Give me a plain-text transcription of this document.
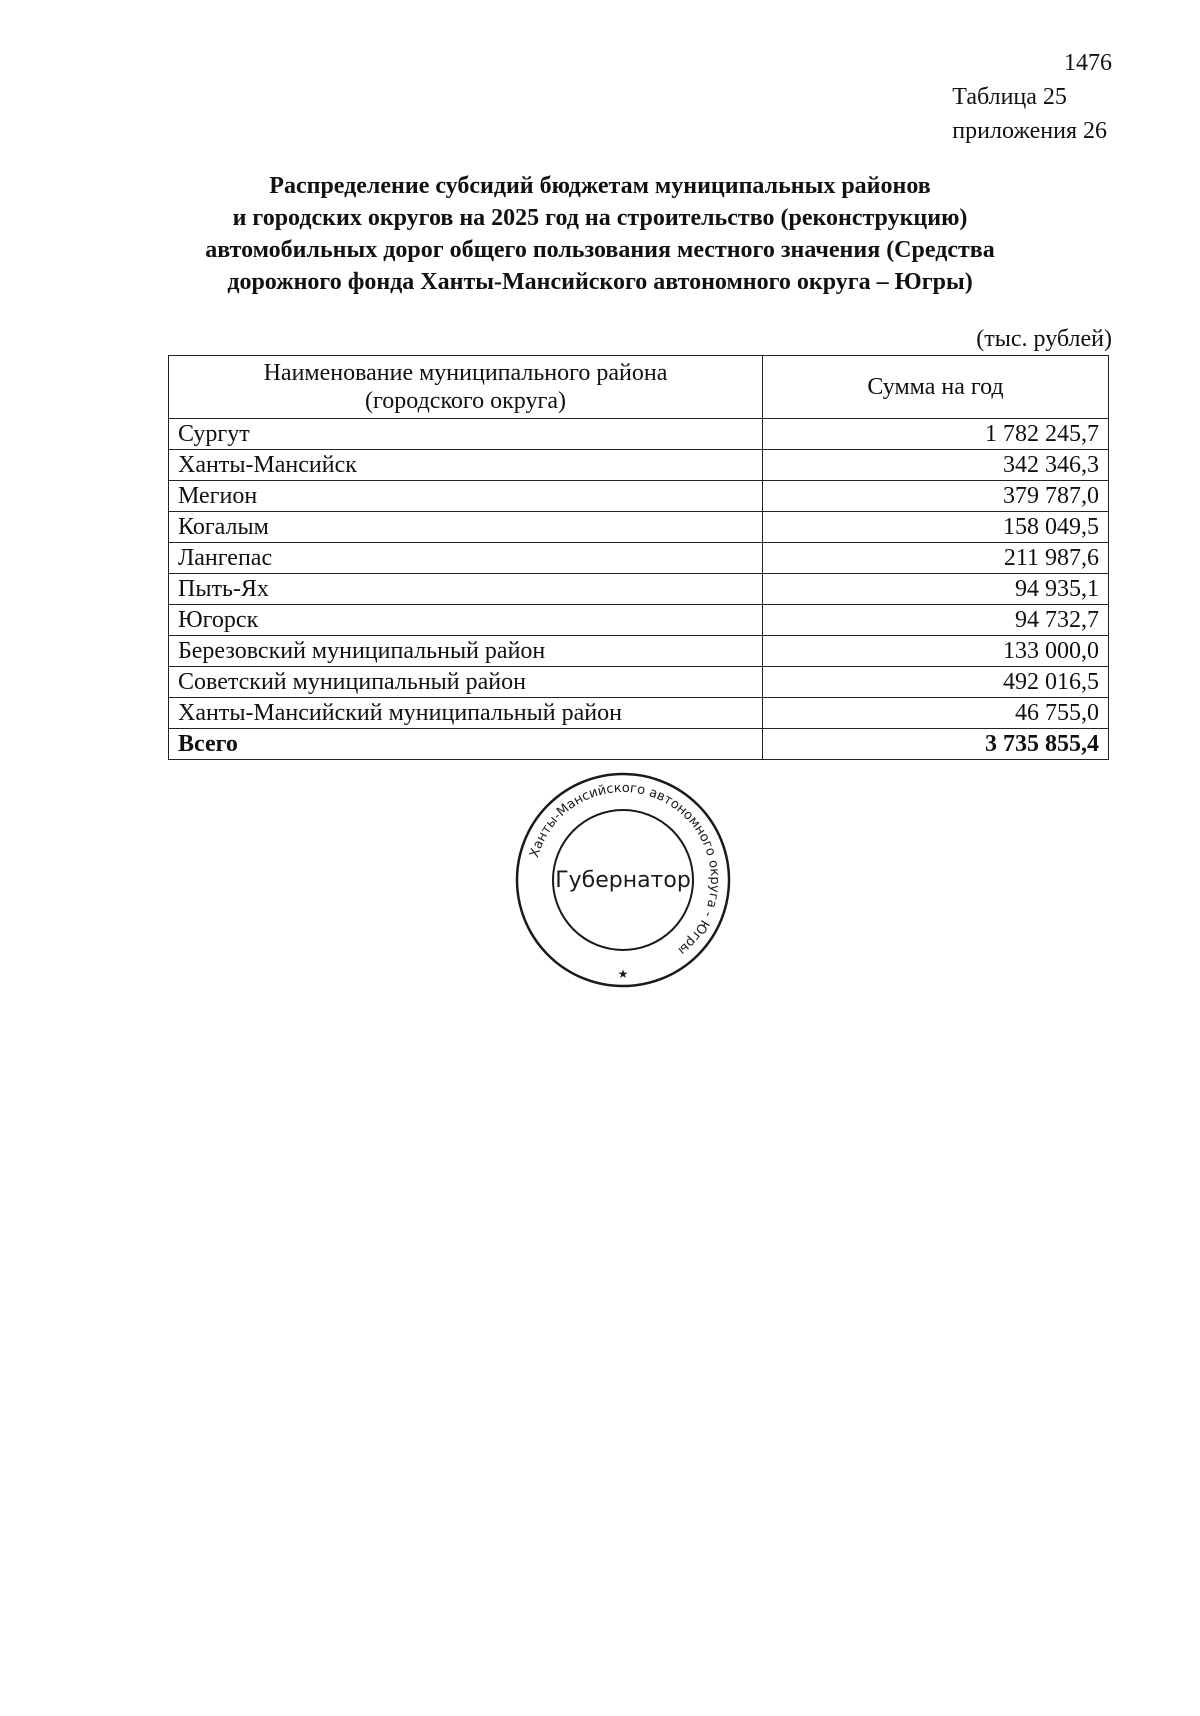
1476
Таблица 25
приложения 26
Распределение субсидий бюджетам муниципальных районов
и городских округов на 2025 год на строительство (реконструкцию)
автомобильных дорог общего пользования местного значения (Средства
дорожного фонда Ханты-Мансийского автономного округа – Югры)
(тыс. рублей)
Наименование муниципального района
(городского округа)	Сумма на год
Сургут	1 782 245,7
Ханты-Мансийск	342 346,3
Мегион	379 787,0
Когалым	158 049,5
Лангепас	211 987,6
Пыть-Ях	94 935,1
Югорск	94 732,7
Березовский муниципальный район	133 000,0
Советский муниципальный район	492 016,5
Ханты-Мансийский муниципальный район	46 755,0
Всего	3 735 855,4
Ханты-Мансийского автономного округа - Югры
Губернатор
★
